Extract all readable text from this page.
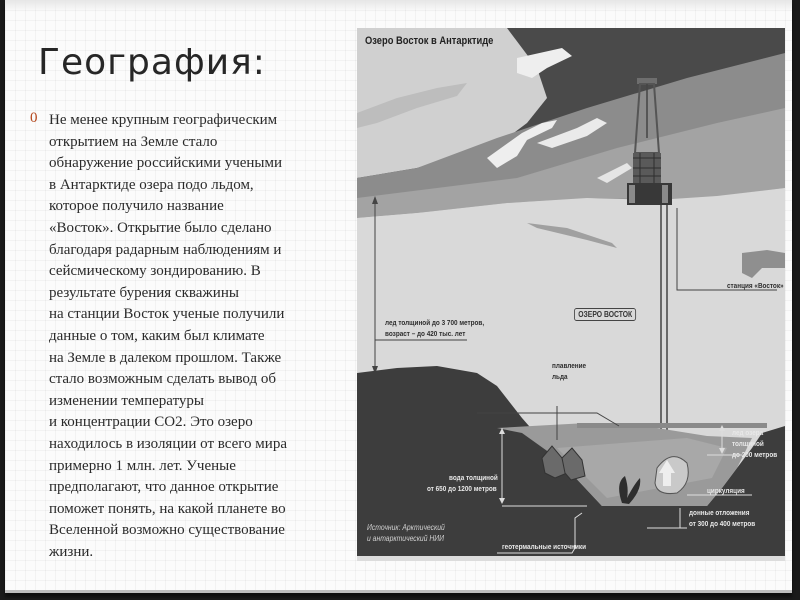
География:
0 Не менее крупным географическим
открытием на Земле стало
обнаружение российскими учеными
в Антарктиде озера подо льдом,
которое получило название
«Восток». Открытие было сделано
благодаря радарным наблюдениям и
сейсмическому зондированию. В
результате бурения скважины
на станции Восток ученые получили
данные о том, каким был климате
на Земле в далеком прошлом. Также
стало возможным сделать вывод об
изменении температуры
и концентрации CO2. Это озеро
находилось в изоляции от всего мира
примерно 1 млн. лет. Ученые
предполагают, что данное открытие
поможет понять, на какой планете во
Вселенной возможно существование
жизни.

Озеро Восток в Антарктиде
станция «Восток»
ОЗЕРО ВОСТОК
лед толщиной до 3 700 метров,
возраст – до 420 тыс. лет
плавление
льда
лед озера
толщиной
до 200 метров
вода толщиной
от 650 до 1200 метров	циркуляция
донные отложения
от 300 до 400 метров
геотермальные источники
Источник: Арктический
и антарктический НИИ
